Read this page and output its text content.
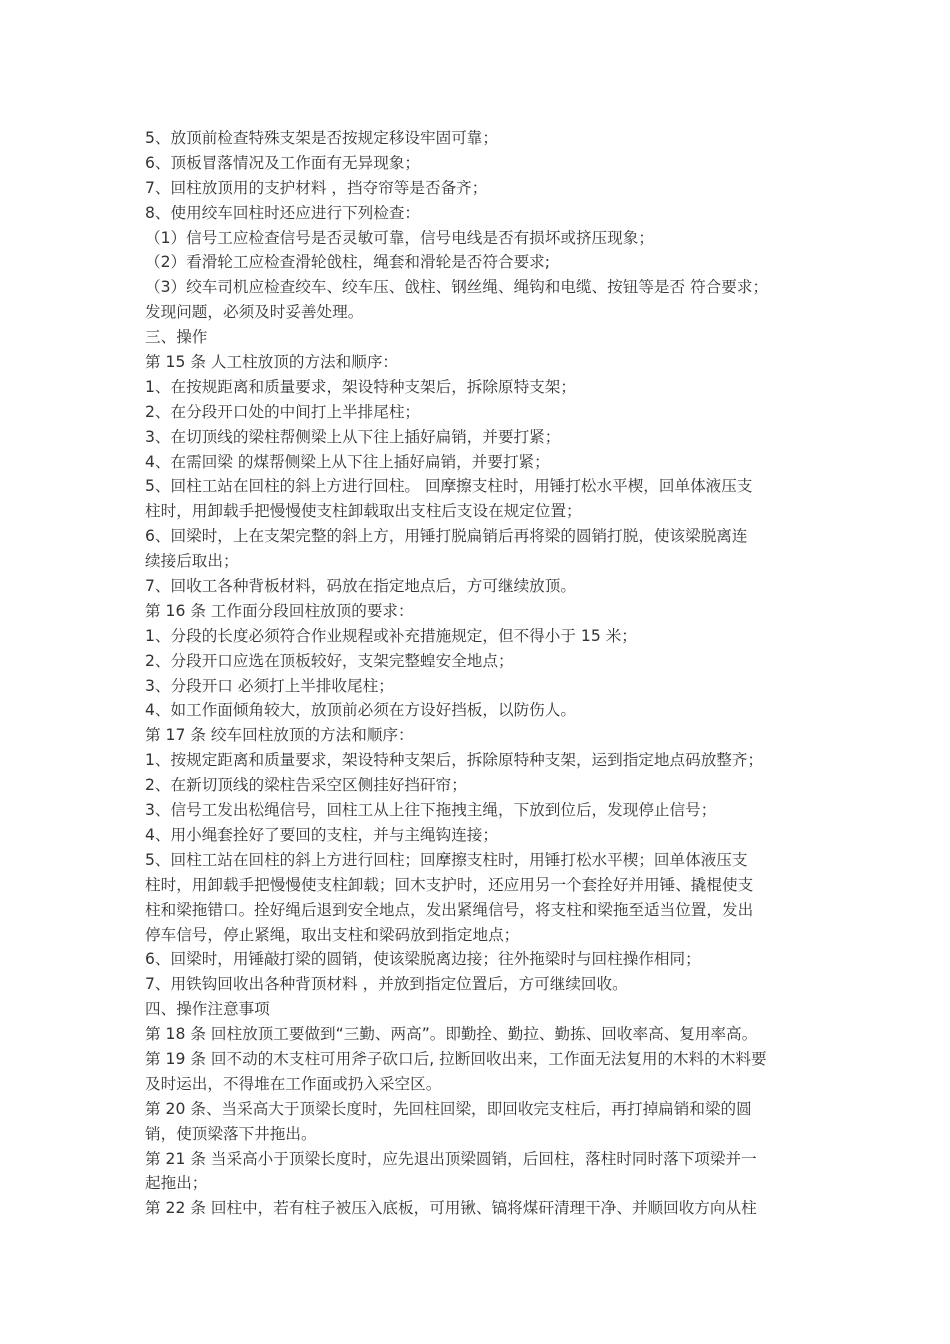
5、放顶前检查特殊支架是否按规定移设牢固可靠；
6、顶板冒落情况及工作面有无异现象；
7、回柱放顶用的支护材料 ，挡夺帘等是否备齐；
8、使用绞车回柱时还应进行下列检查：
（1）信号工应检查信号是否灵敏可靠，信号电线是否有损坏或挤压现象；
（2）看滑轮工应检查滑轮戗柱，绳套和滑轮是否符合要求;
（3）绞车司机应检查绞车、绞车压、戗柱、钢丝绳、绳钩和电缆、按钮等是否 符合要求；
发现问题，必须及时妥善处理。
三、操作
第 15 条 人工柱放顶的方法和顺序：
1、在按规距离和质量要求，架设特种支架后，拆除原特支架；
2、在分段开口处的中间打上半排尾柱；
3、在切顶线的梁柱帮侧梁上从下往上插好扁销，并要打紧；
4、在需回梁 的煤帮侧梁上从下往上插好扁销，并要打紧；
5、回柱工站在回柱的斜上方进行回柱。 回摩擦支柱时，用锤打松水平楔，回单体液压支
柱时，用卸载手把慢慢使支柱卸载取出支柱后支设在规定位置；
6、回梁时，上在支架完整的斜上方，用锤打脱扁销后再将梁的圆销打脱，使该梁脱离连
续接后取出；
7、回收工各种背板材料，码放在指定地点后，方可继续放顶。
第 16 条 工作面分段回柱放顶的要求：
1、分段的长度必须符合作业规程或补充措施规定，但不得小于 15 米；
2、分段开口应选在顶板较好，支架完整蝗安全地点；
3、分段开口 必须打上半排收尾柱；
4、如工作面倾角较大，放顶前必须在方设好挡板，以防伤人。
第 17 条 绞车回柱放顶的方法和顺序：
1、按规定距离和质量要求，架设特种支架后，拆除原特种支架，运到指定地点码放整齐；
2、在新切顶线的梁柱告采空区侧挂好挡矸帘；
3、信号工发出松绳信号，回柱工从上往下拖拽主绳，下放到位后，发现停止信号；
4、用小绳套拴好了要回的支柱，并与主绳钩连接；
5、回柱工站在回柱的斜上方进行回柱；回摩擦支柱时，用锤打松水平楔；回单体液压支
柱时，用卸载手把慢慢使支柱卸载；回木支护时，还应用另一个套拴好并用锤、撬棍使支
柱和梁拖错口。拴好绳后退到安全地点，发出紧绳信号，将支柱和梁拖至适当位置，发出
停车信号，停止紧绳，取出支柱和梁码放到指定地点；
6、回梁时，用锤敲打梁的圆销，使该梁脱离边接；往外拖梁时与回柱操作相同；
7、用铁钩回收出各种背顶材料 ，并放到指定位置后，方可继续回收。
四、操作注意事项
第 18 条 回柱放顶工要做到“三勤、两高”。即勤拴、勤拉、勤拣、回收率高、复用率高。
第 19 条 回不动的木支柱可用斧子砍口后, 拉断回收出来，工作面无法复用的木料的木料要
及时运出，不得堆在工作面或扔入采空区。
第 20 条、当采高大于顶梁长度时，先回柱回梁，即回收完支柱后，再打掉扁销和梁的圆
销，使顶梁落下井拖出。
第 21 条 当采高小于顶梁长度时，应先退出顶梁圆销，后回柱，落柱时同时落下项梁并一
起拖出；
第 22 条 回柱中，若有柱子被压入底板，可用锹、镐将煤矸清理干净、并顺回收方向从柱
